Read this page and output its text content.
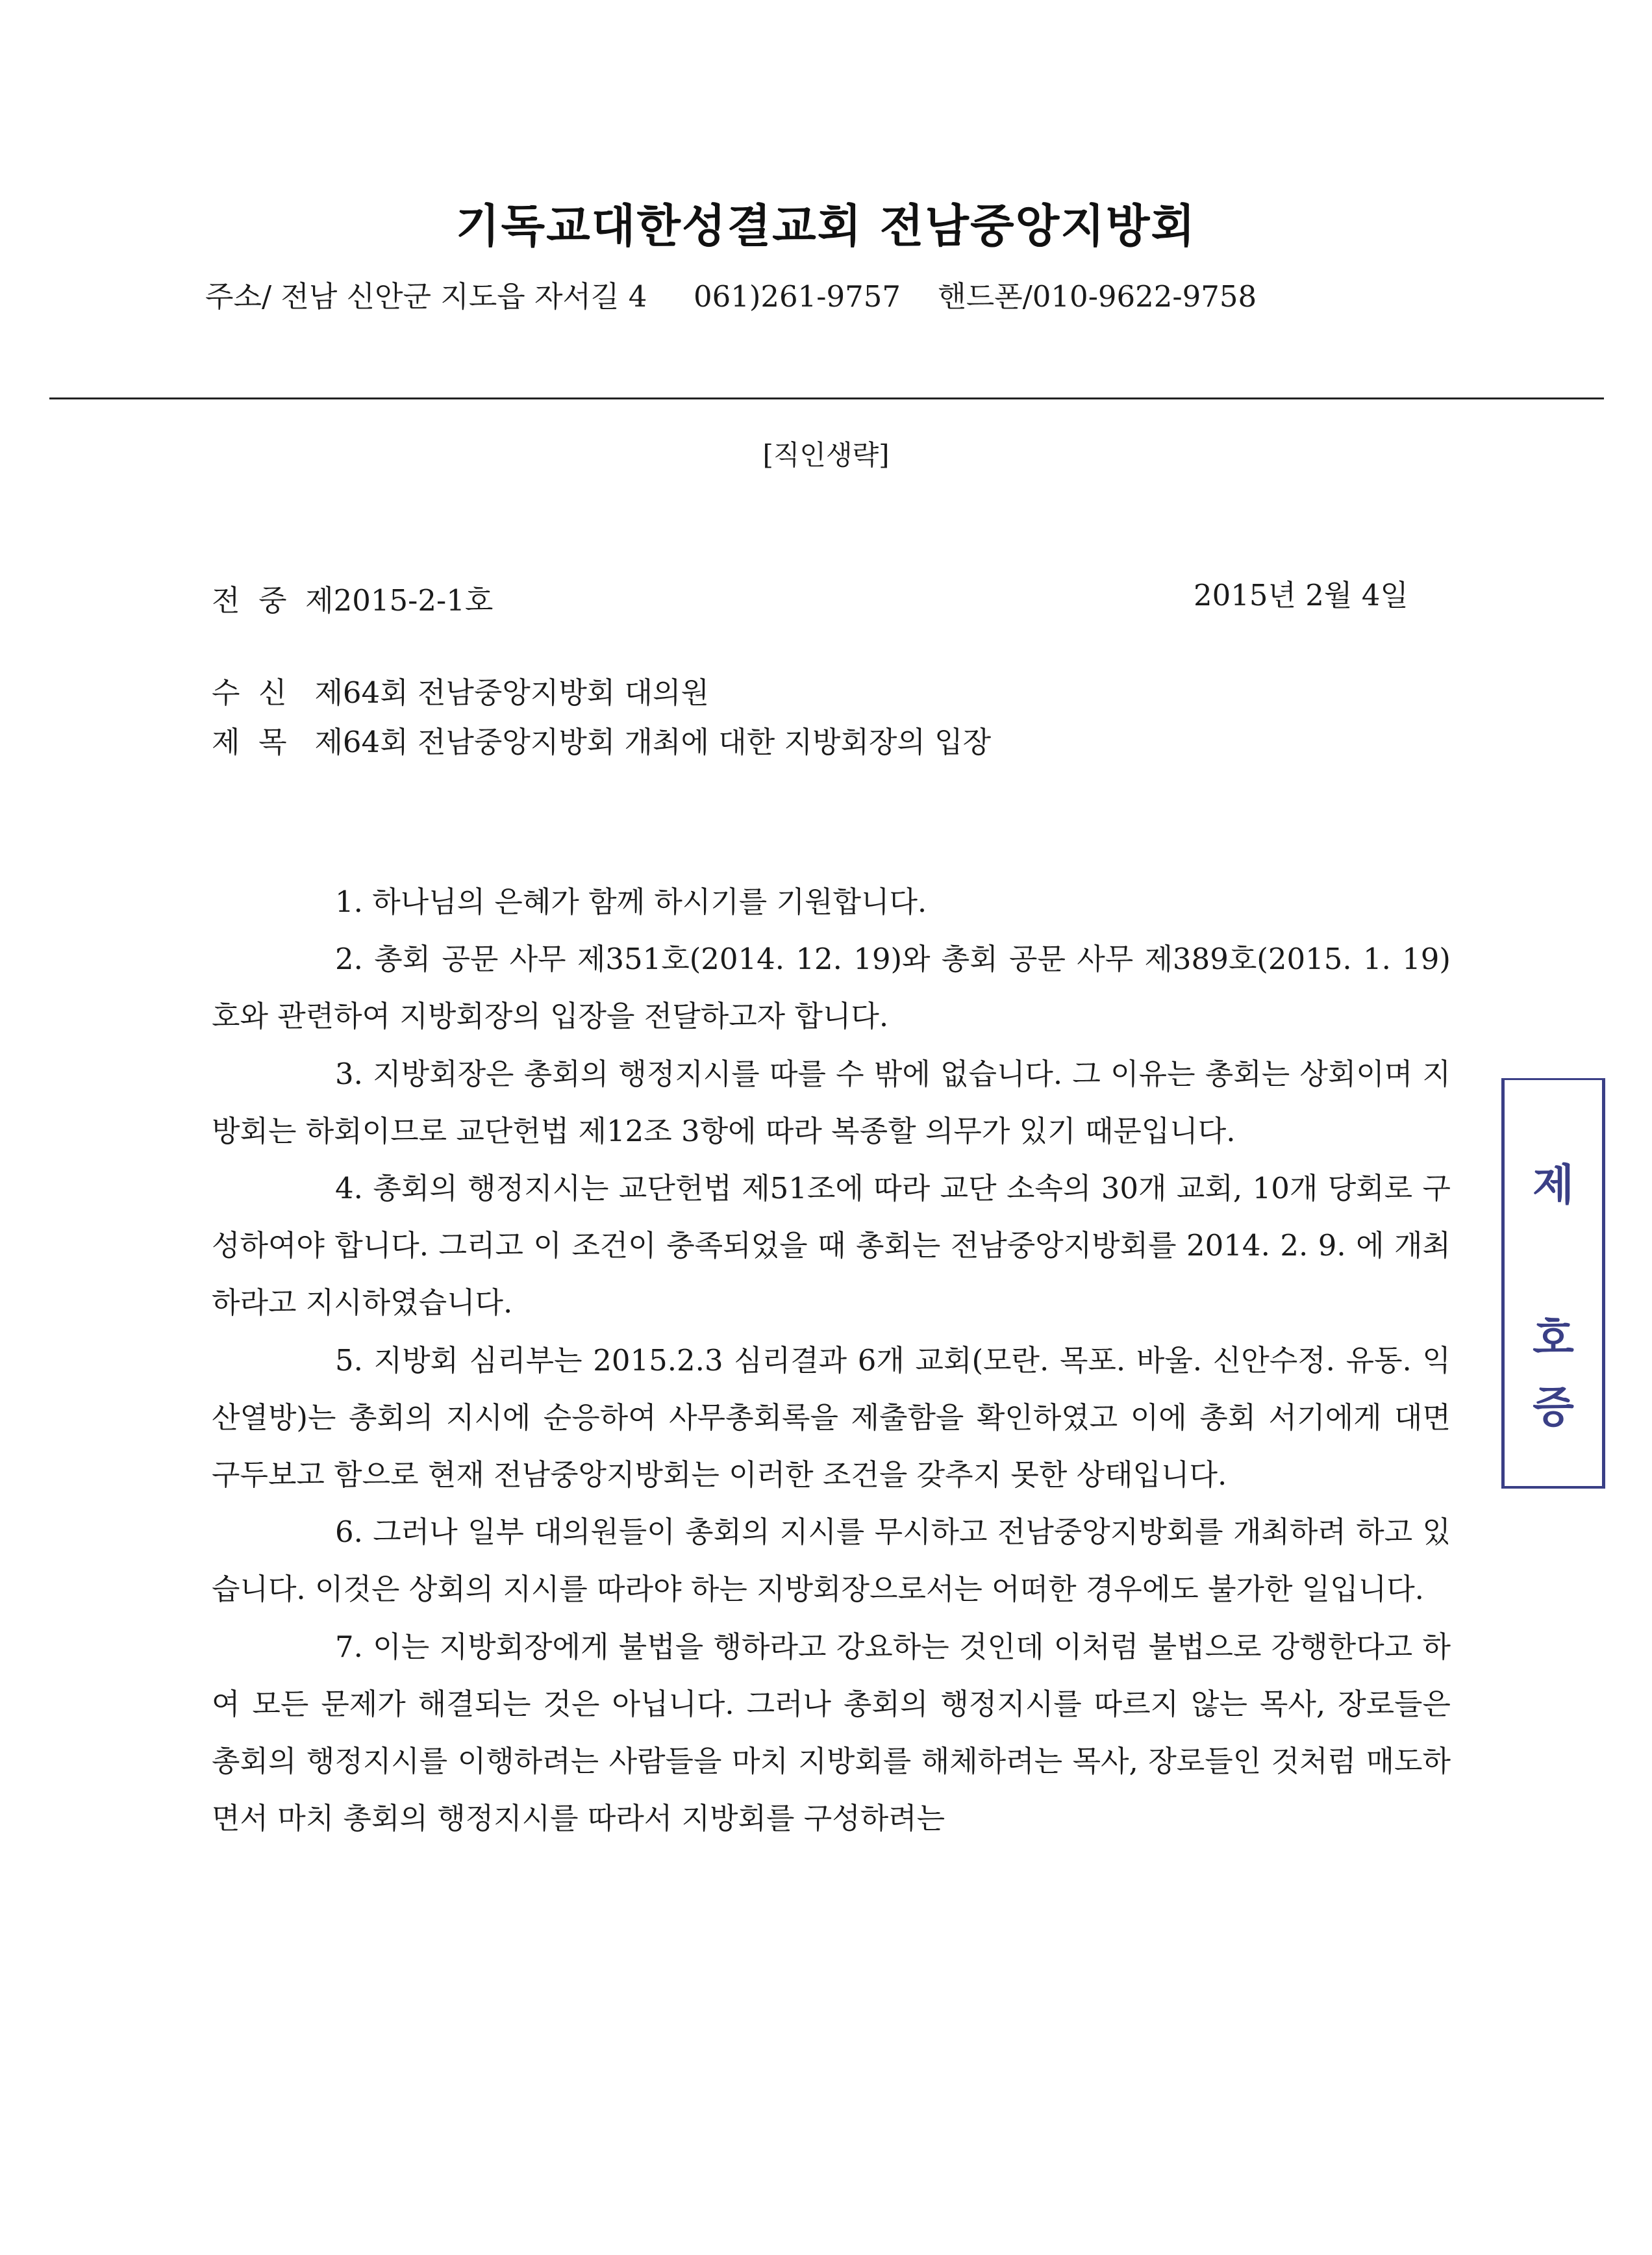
기독교대한성결교회 전남중앙지방회
주소/ 전남 신안군 지도읍 자서길 4     061)261-9757    핸드폰/010-9622-9758
[직인생략]
전  중  제2015-2-1호	2015년 2월 4일
수  신   제64회 전남중앙지방회 대의원
제  목   제64회 전남중앙지방회 개최에 대한 지방회장의 입장

1. 하나님의 은혜가 함께 하시기를 기원합니다.

2. 총회 공문 사무 제351호(2014. 12. 19)와 총회 공문 사무 제389호(2015. 1. 19)호와 관련하여 지방회장의 입장을 전달하고자 합니다.

3. 지방회장은 총회의 행정지시를 따를 수 밖에 없습니다. 그 이유는 총회는 상회이며 지방회는 하회이므로 교단헌법 제12조 3항에 따라 복종할 의무가 있기 때문입니다.

4. 총회의 행정지시는 교단헌법 제51조에 따라 교단 소속의 30개 교회, 10개 당회로 구성하여야 합니다. 그리고 이 조건이 충족되었을 때 총회는 전남중앙지방회를 2014. 2. 9. 에 개최하라고 지시하였습니다.

5. 지방회 심리부는 2015.2.3 심리결과 6개 교회(모란. 목포. 바울. 신안수정. 유동. 익산열방)는 총회의 지시에 순응하여 사무총회록을 제출함을 확인하였고 이에 총회 서기에게 대면 구두보고 함으로 현재 전남중앙지방회는 이러한 조건을 갖추지 못한 상태입니다.

6. 그러나 일부 대의원들이 총회의 지시를 무시하고 전남중앙지방회를 개최하려 하고 있습니다. 이것은 상회의 지시를 따라야 하는 지방회장으로서는 어떠한 경우에도 불가한 일입니다.

7. 이는 지방회장에게 불법을 행하라고 강요하는 것인데 이처럼 불법으로 강행한다고 하여 모든 문제가 해결되는 것은 아닙니다. 그러나 총회의 행정지시를 따르지 않는 목사, 장로들은 총회의 행정지시를 이행하려는 사람들을 마치 지방회를 해체하려는 목사, 장로들인 것처럼 매도하면서 마치 총회의 행정지시를 따라서 지방회를 구성하려는

제
호
증
